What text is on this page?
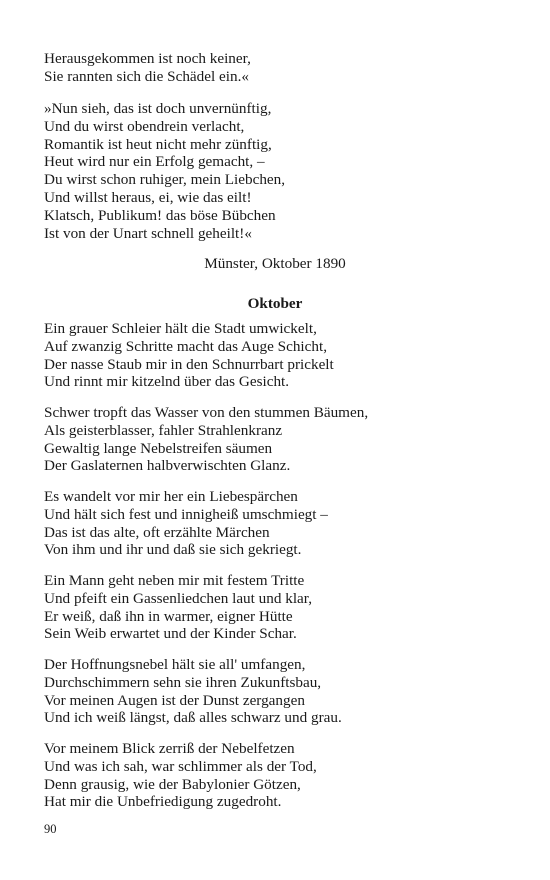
Herausgekommen ist noch keiner,
Sie rannten sich die Schädel ein.«
»Nun sieh, das ist doch unvernünftig,
Und du wirst obendrein verlacht,
Romantik ist heut nicht mehr zünftig,
Heut wird nur ein Erfolg gemacht, –
Du wirst schon ruhiger, mein Liebchen,
Und willst heraus, ei, wie das eilt!
Klatsch, Publikum! das böse Bübchen
Ist von der Unart schnell geheilt!«
Münster, Oktober 1890
Oktober
Ein grauer Schleier hält die Stadt umwickelt,
Auf zwanzig Schritte macht das Auge Schicht,
Der nasse Staub mir in den Schnurrbart prickelt
Und rinnt mir kitzelnd über das Gesicht.
Schwer tropft das Wasser von den stummen Bäumen,
Als geisterblasser, fahler Strahlenkranz
Gewaltig lange Nebelstreifen säumen
Der Gaslaternen halbverwischten Glanz.
Es wandelt vor mir her ein Liebespärchen
Und hält sich fest und innigheiß umschmiegt –
Das ist das alte, oft erzählte Märchen
Von ihm und ihr und daß sie sich gekriegt.
Ein Mann geht neben mir mit festem Tritte
Und pfeift ein Gassenliedchen laut und klar,
Er weiß, daß ihn in warmer, eigner Hütte
Sein Weib erwartet und der Kinder Schar.
Der Hoffnungsnebel hält sie all' umfangen,
Durchschimmern sehn sie ihren Zukunftsbau,
Vor meinen Augen ist der Dunst zergangen
Und ich weiß längst, daß alles schwarz und grau.
Vor meinem Blick zerriß der Nebelfetzen
Und was ich sah, war schlimmer als der Tod,
Denn grausig, wie der Babylonier Götzen,
Hat mir die Unbefriedigung zugedroht.
90
